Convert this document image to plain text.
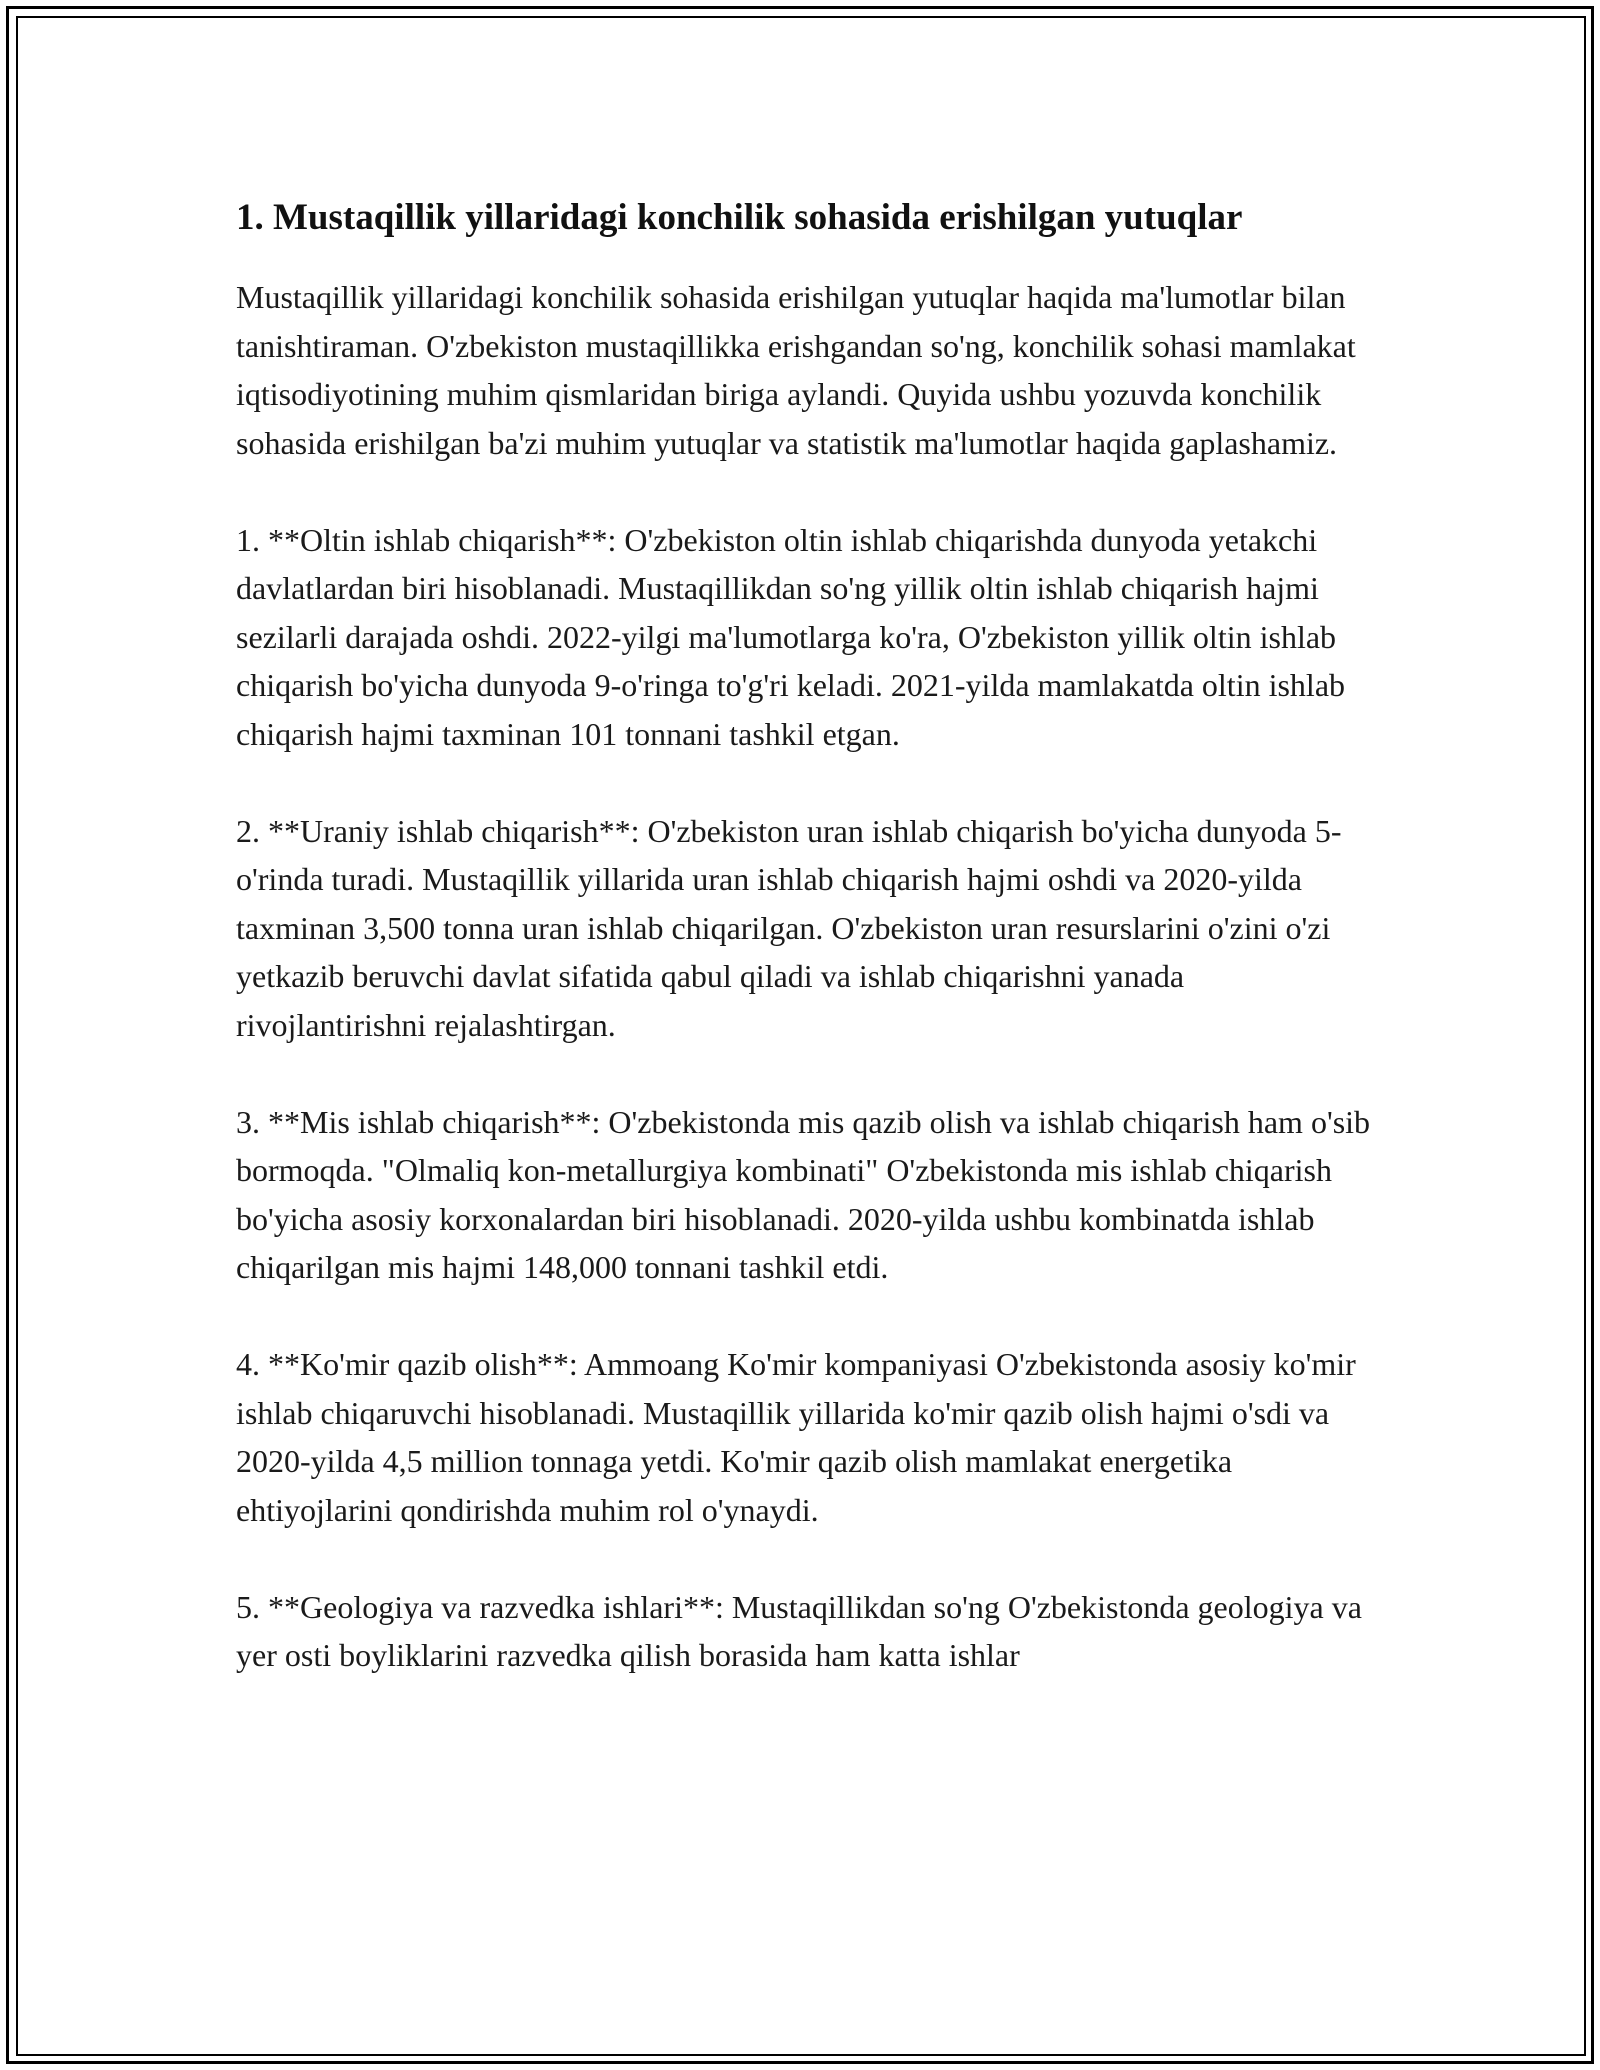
1. Mustaqillik yillaridagi konchilik sohasida erishilgan yutuqlar

Mustaqillik yillaridagi konchilik sohasida erishilgan yutuqlar haqida ma'lumotlar bilan tanishtiraman. O'zbekiston mustaqillikka erishgandan so'ng, konchilik sohasi mamlakat iqtisodiyotining muhim qismlaridan biriga aylandi. Quyida ushbu yozuvda konchilik sohasida erishilgan ba'zi muhim yutuqlar va statistik ma'lumotlar haqida gaplashamiz.

1. **Oltin ishlab chiqarish**: O'zbekiston oltin ishlab chiqarishda dunyoda yetakchi davlatlardan biri hisoblanadi. Mustaqillikdan so'ng yillik oltin ishlab chiqarish hajmi sezilarli darajada oshdi. 2022-yilgi ma'lumotlarga ko'ra, O'zbekiston yillik oltin ishlab chiqarish bo'yicha dunyoda 9-o'ringa to'g'ri keladi. 2021-yilda mamlakatda oltin ishlab chiqarish hajmi taxminan 101 tonnani tashkil etgan.

2. **Uraniy ishlab chiqarish**: O'zbekiston uran ishlab chiqarish bo'yicha dunyoda 5-o'rinda turadi. Mustaqillik yillarida uran ishlab chiqarish hajmi oshdi va 2020-yilda taxminan 3,500 tonna uran ishlab chiqarilgan. O'zbekiston uran resurslarini o'zini o'zi yetkazib beruvchi davlat sifatida qabul qiladi va ishlab chiqarishni yanada rivojlantirishni rejalashtirgan.

3. **Mis ishlab chiqarish**: O'zbekistonda mis qazib olish va ishlab chiqarish ham o'sib bormoqda. "Olmaliq kon-metallurgiya kombinati" O'zbekistonda mis ishlab chiqarish bo'yicha asosiy korxonalardan biri hisoblanadi. 2020-yilda ushbu kombinatda ishlab chiqarilgan mis hajmi 148,000 tonnani tashkil etdi.

4. **Ko'mir qazib olish**: Ammoang Ko'mir kompaniyasi O'zbekistonda asosiy ko'mir ishlab chiqaruvchi hisoblanadi. Mustaqillik yillarida ko'mir qazib olish hajmi o'sdi va 2020-yilda 4,5 million tonnaga yetdi. Ko'mir qazib olish mamlakat energetika ehtiyojlarini qondirishda muhim rol o'ynaydi.

5. **Geologiya va razvedka ishlari**: Mustaqillikdan so'ng O'zbekistonda geologiya va yer osti boyliklarini razvedka qilish borasida ham katta ishlar
